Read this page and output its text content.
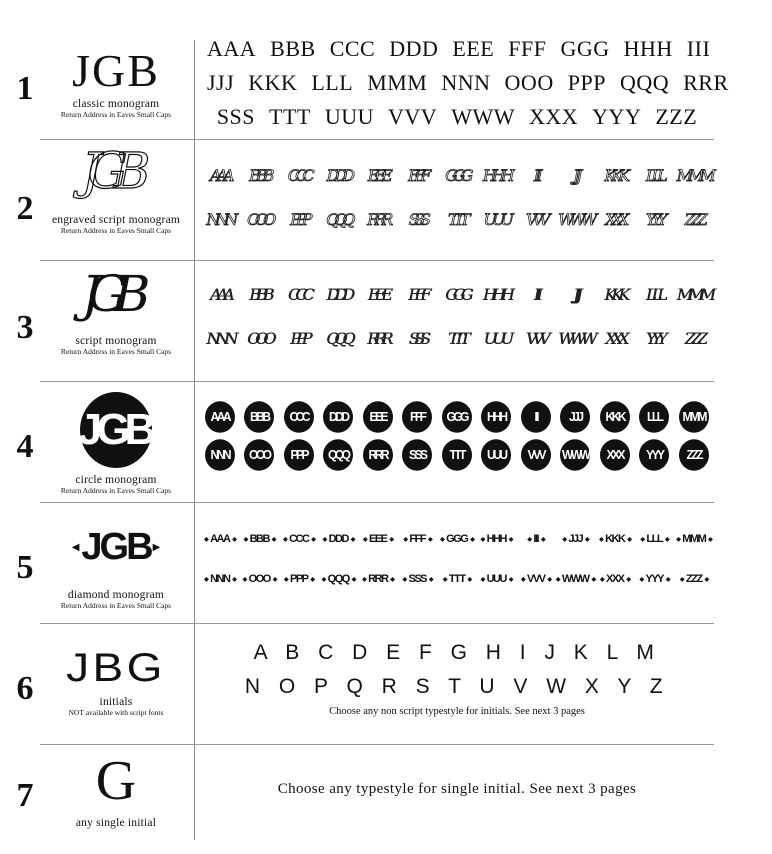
1 JGB
classic monogram
Return Address in Eaves Small Caps
AAA BBB CCC DDD EEE FFF GGG HHH III
JJJ KKK LLL MMM NNN OOO PPP QQQ RRR
SSS TTT UUU VVV WWW XXX YYY ZZZ
2
JGB
engraved script monogram
Return Address in Eaves Small Caps
AAA	BBB	CCC	DDD	EEE	FFF	GGG HHH	III	JJJ	KKK	LLL MMM
NNN OOO	PPP	QQQ	RRR	SSS	TTT	UUU	VVV WWW XXX	YYY	ZZZ
3
JGB
script monogram
Return Address in Eaves Small Caps
AAA	BBB	CCC	DDD	EEE	FFF	GGG HHH	III	JJJ	KKK	LLL MMM
NNN OOO	PPP	QQQ	RRR	SSS	TTT	UUU	VVV WWW XXX	YYY	ZZZ
4 JGB
circle monogram
Return Address in Eaves Small Caps
AAA	BBB	CCC	DDD	EEE	FFF	GGG	HHH	III	JJJ	KKK	LLL	MMM
NNN	OOO	PPP	QQQ	RRR	SSS	TTT	UUU	VVV	WWW	XXX	YYY	ZZZ
5
◀ JGB ▶
diamond monogram
Return Address in Eaves Small Caps
◆ AAA ◆	◆ BBB ◆	◆ CCC ◆	◆ DDD ◆	◆ EEE ◆	◆ FFF ◆	◆ GGG ◆	◆ HHH ◆	◆ III ◆	◆ JJJ ◆	◆ KKK ◆	◆ LLL ◆	◆ MMM ◆
◆ NNN ◆	◆ OOO ◆	◆ PPP ◆	◆ QQQ ◆	◆ RRR ◆	◆ SSS ◆	◆ TTT ◆	◆ UUU ◆	◆ VVV ◆	◆ WWW ◆	◆ XXX ◆	◆ YYY ◆	◆ ZZZ ◆
6 JBG
initials
NOT available with script fonts
A B C D E F G H I J K L M
N O P Q R S T U V W X Y Z
Choose any non script typestyle for initials. See next 3 pages
7	G
any single initial
Choose any typestyle for single initial. See next 3 pages
